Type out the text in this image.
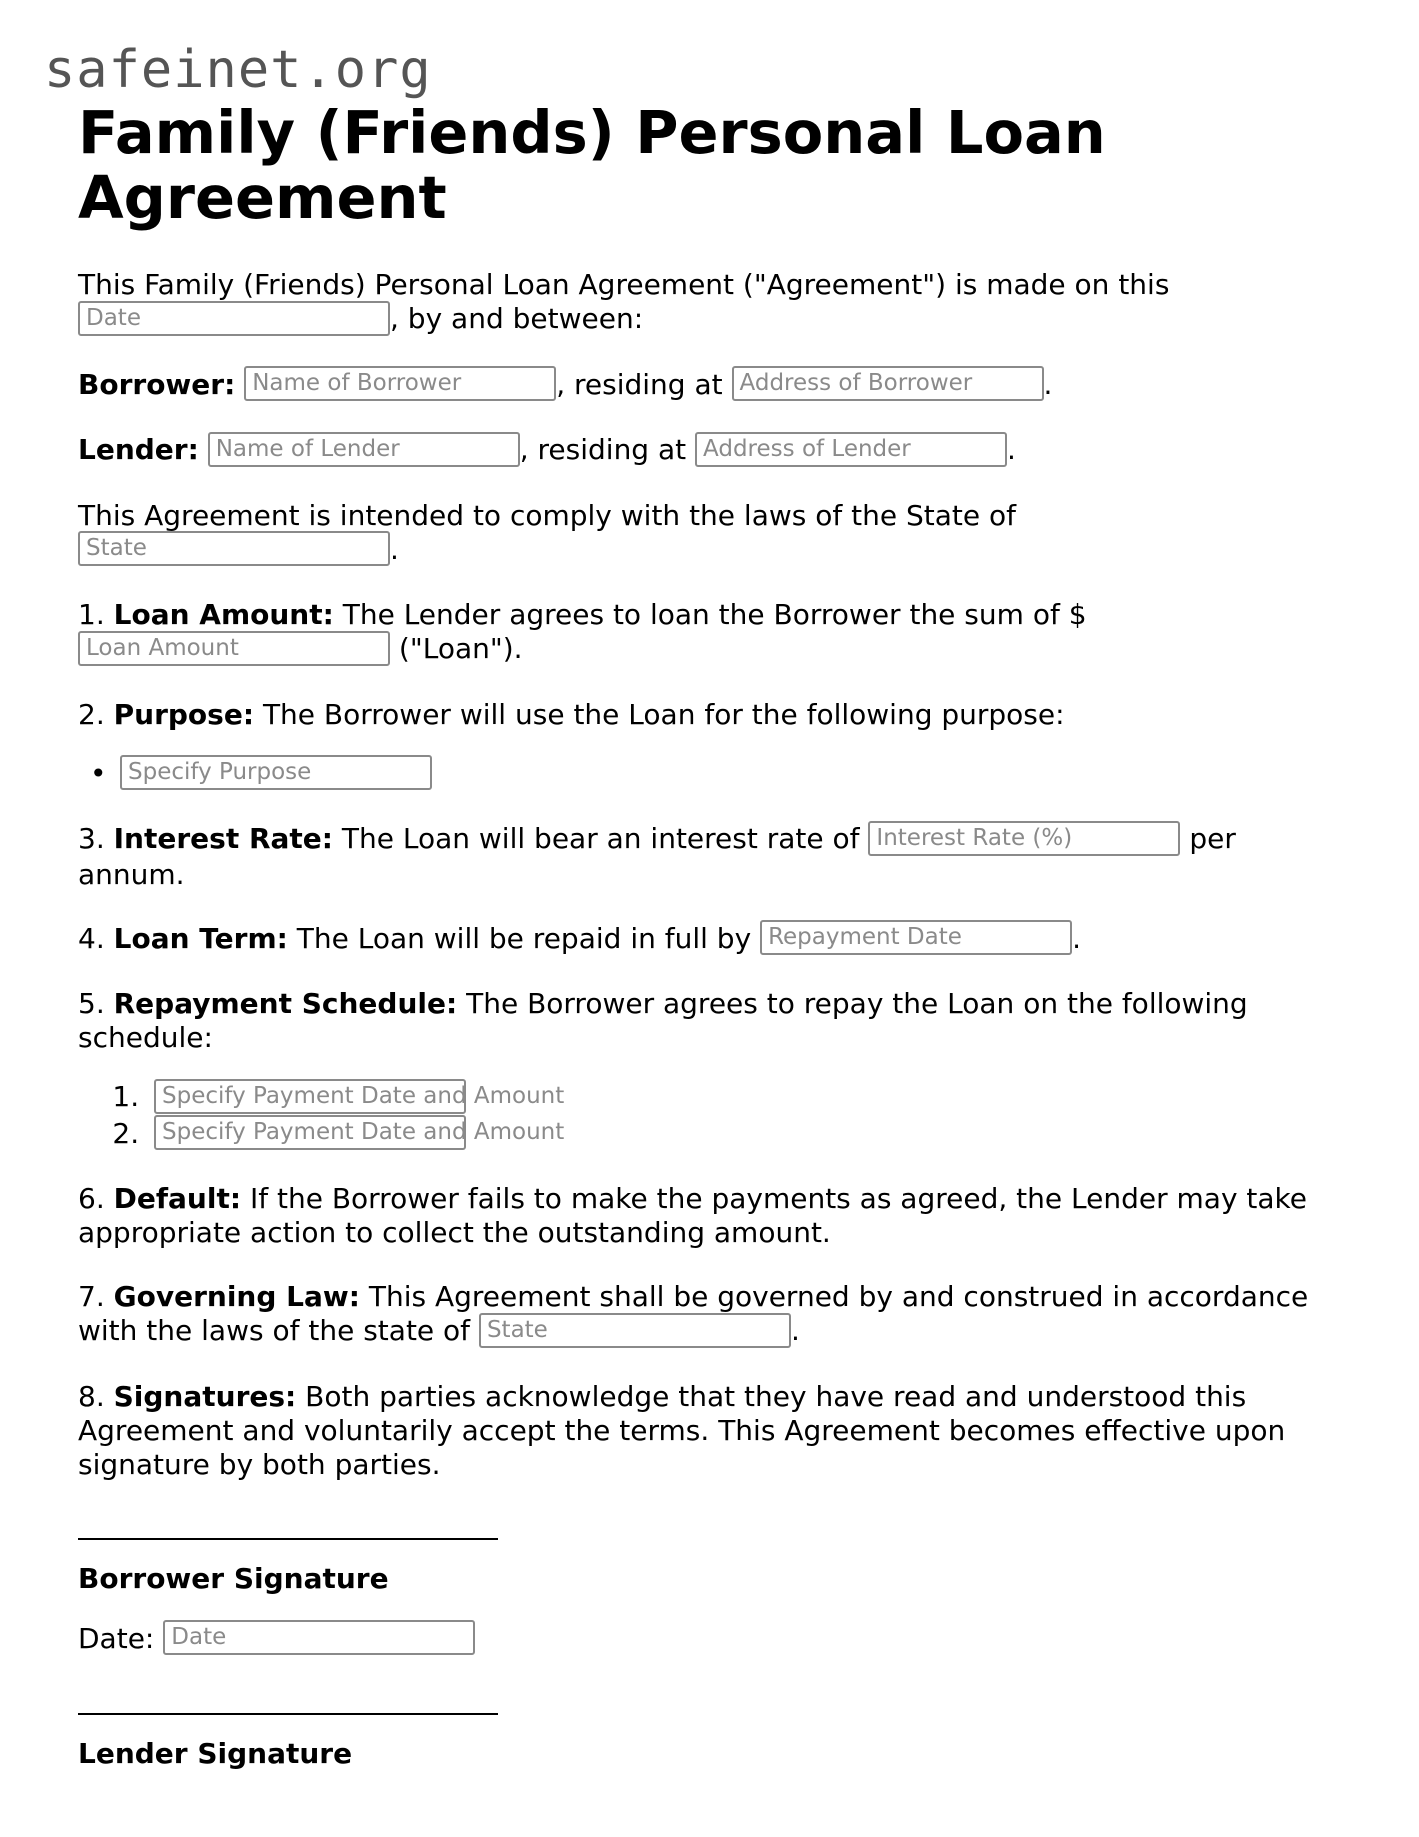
safeinet.org
Family (Friends) Personal Loan Agreement

This Family (Friends) Personal Loan Agreement ("Agreement") is made on this Date	, by and between:

Borrower: Name of Borrower	, residing at Address of Borrower	.

Lender: Name of Lender	, residing at Address of Lender	.

This Agreement is intended to comply with the laws of the State of State	.

1. Loan Amount: The Lender agrees to loan the Borrower the sum of $ Loan Amount	("Loan").

2. Purpose: The Borrower will use the Loan for the following purpose:

• Specify Purpose

3. Interest Rate: The Loan will bear an interest rate of Interest Rate (%)	per annum.

4. Loan Term: The Loan will be repaid in full by Repayment Date	.

5. Repayment Schedule: The Borrower agrees to repay the Loan on the following schedule:

1. Specify Payment Date and Amount
2. Specify Payment Date and Amount

6. Default: If the Borrower fails to make the payments as agreed, the Lender may take appropriate action to collect the outstanding amount.

7. Governing Law: This Agreement shall be governed by and construed in accordance with the laws of the state of State	.

8. Signatures: Both parties acknowledge that they have read and understood this Agreement and voluntarily accept the terms. This Agreement becomes effective upon signature by both parties.

Borrower Signature

Date: Date

Lender Signature
